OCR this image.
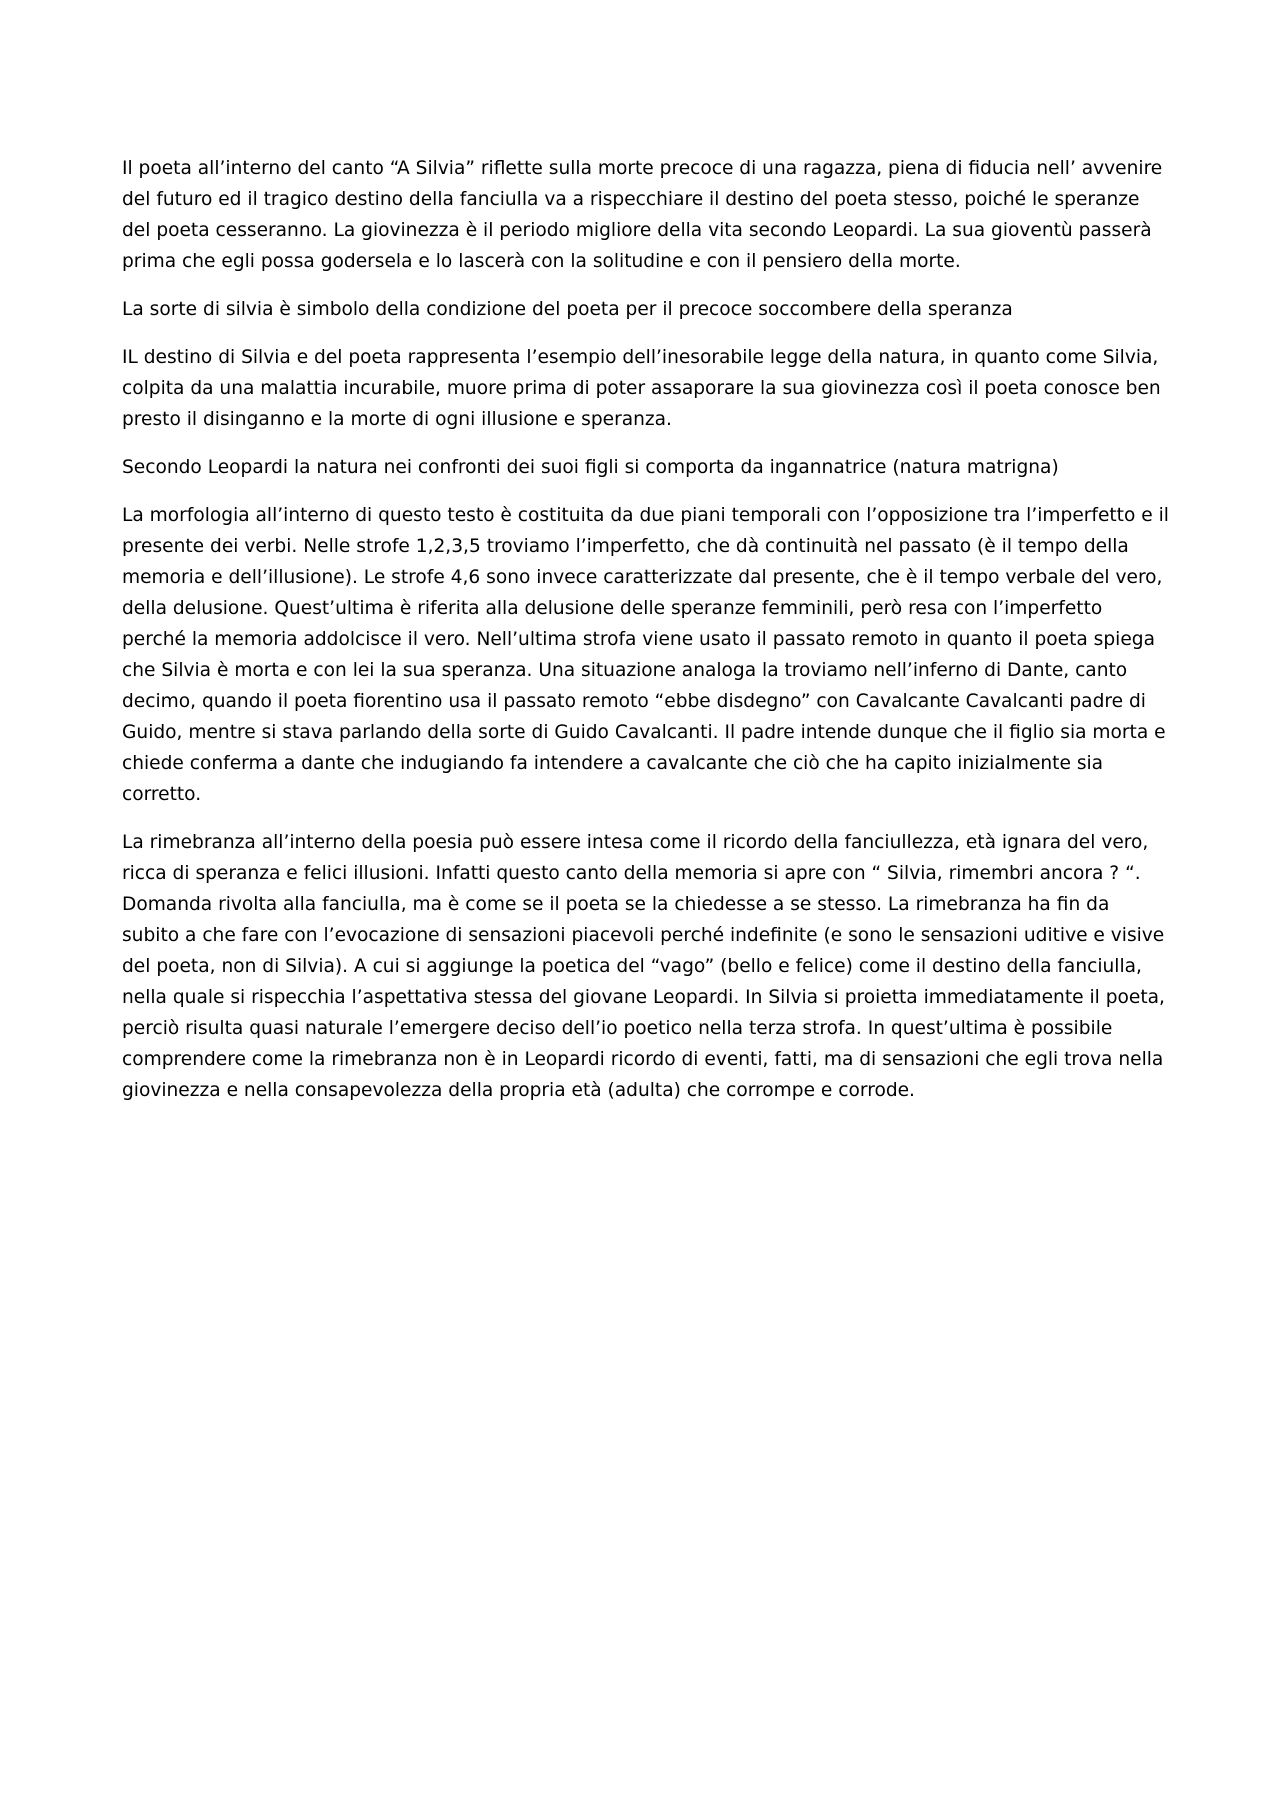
Il poeta all’interno del canto “A Silvia” riflette sulla morte precoce di una ragazza, piena di fiducia nell’ avvenire del futuro ed il tragico destino della fanciulla va a rispecchiare il destino del poeta stesso, poiché le speranze del poeta cesseranno. La giovinezza è il periodo migliore della vita secondo Leopardi. La sua gioventù passerà prima che egli possa godersela e lo lascerà con la solitudine e con il pensiero della morte.

La sorte di silvia è simbolo della condizione del poeta per il precoce soccombere della speranza

IL destino di Silvia e del poeta rappresenta l’esempio dell’inesorabile legge della natura, in quanto come Silvia, colpita da una malattia incurabile, muore prima di poter assaporare la sua giovinezza così il poeta conosce ben presto il disinganno e la morte di ogni illusione e speranza.

Secondo Leopardi la natura nei confronti dei suoi figli si comporta da ingannatrice (natura matrigna)

La morfologia all’interno di questo testo è costituita da due piani temporali con l’opposizione tra l’imperfetto e il presente dei verbi. Nelle strofe 1,2,3,5 troviamo l’imperfetto, che dà continuità nel passato (è il tempo della memoria e dell’illusione). Le strofe 4,6 sono invece caratterizzate dal presente, che è il tempo verbale del vero, della delusione. Quest’ultima è riferita alla delusione delle speranze femminili, però resa con l’imperfetto perché la memoria addolcisce il vero. Nell’ultima strofa viene usato il passato remoto in quanto il poeta spiega che Silvia è morta e con lei la sua speranza. Una situazione analoga la troviamo nell’inferno di Dante, canto decimo, quando il poeta fiorentino usa il passato remoto “ebbe disdegno” con Cavalcante Cavalcanti padre di Guido, mentre si stava parlando della sorte di Guido Cavalcanti. Il padre intende dunque che il figlio sia morta e chiede conferma a dante che indugiando fa intendere a cavalcante che ciò che ha capito inizialmente sia corretto.

La rimebranza all’interno della poesia può essere intesa come il ricordo della fanciullezza, età ignara del vero, ricca di speranza e felici illusioni. Infatti questo canto della memoria si apre con “ Silvia, rimembri ancora ? “. Domanda rivolta alla fanciulla, ma è come se il poeta se la chiedesse a se stesso. La rimebranza ha fin da subito a che fare con l’evocazione di sensazioni piacevoli perché indefinite (e sono le sensazioni uditive e visive del poeta, non di Silvia). A cui si aggiunge la poetica del “vago” (bello e felice) come il destino della fanciulla, nella quale si rispecchia l’aspettativa stessa del giovane Leopardi. In Silvia si proietta immediatamente il poeta, perciò risulta quasi naturale l’emergere deciso dell’io poetico nella terza strofa. In quest’ultima è possibile comprendere come la rimebranza non è in Leopardi ricordo di eventi, fatti, ma di sensazioni che egli trova nella giovinezza e nella consapevolezza della propria età (adulta) che corrompe e corrode.
